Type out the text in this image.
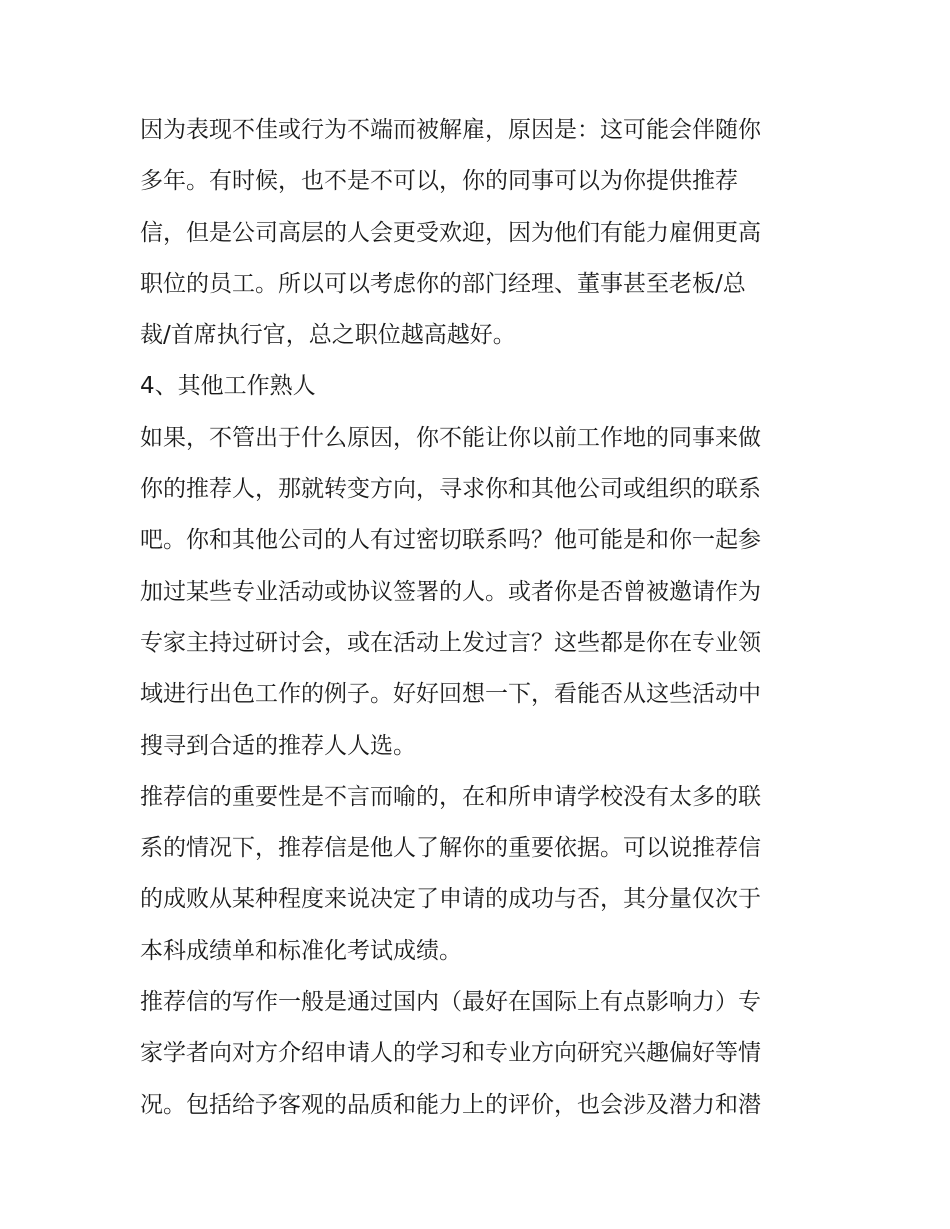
因为表现不佳或行为不端而被解雇，原因是：这可能会伴随你
多年。有时候，也不是不可以，你的同事可以为你提供推荐
信，但是公司高层的人会更受欢迎，因为他们有能力雇佣更高
职位的员工。所以可以考虑你的部门经理、董事甚至老板/总
裁/首席执行官，总之职位越高越好。
4、其他工作熟人
如果，不管出于什么原因，你不能让你以前工作地的同事来做
你的推荐人，那就转变方向，寻求你和其他公司或组织的联系
吧。你和其他公司的人有过密切联系吗？他可能是和你一起参
加过某些专业活动或协议签署的人。或者你是否曾被邀请作为
专家主持过研讨会，或在活动上发过言？这些都是你在专业领
域进行出色工作的例子。好好回想一下，看能否从这些活动中
搜寻到合适的推荐人人选。
推荐信的重要性是不言而喻的，在和所申请学校没有太多的联
系的情况下，推荐信是他人了解你的重要依据。可以说推荐信
的成败从某种程度来说决定了申请的成功与否，其分量仅次于
本科成绩单和标准化考试成绩。
推荐信的写作一般是通过国内（最好在国际上有点影响力）专
家学者向对方介绍申请人的学习和专业方向研究兴趣偏好等情
况。包括给予客观的品质和能力上的评价，也会涉及潜力和潜
